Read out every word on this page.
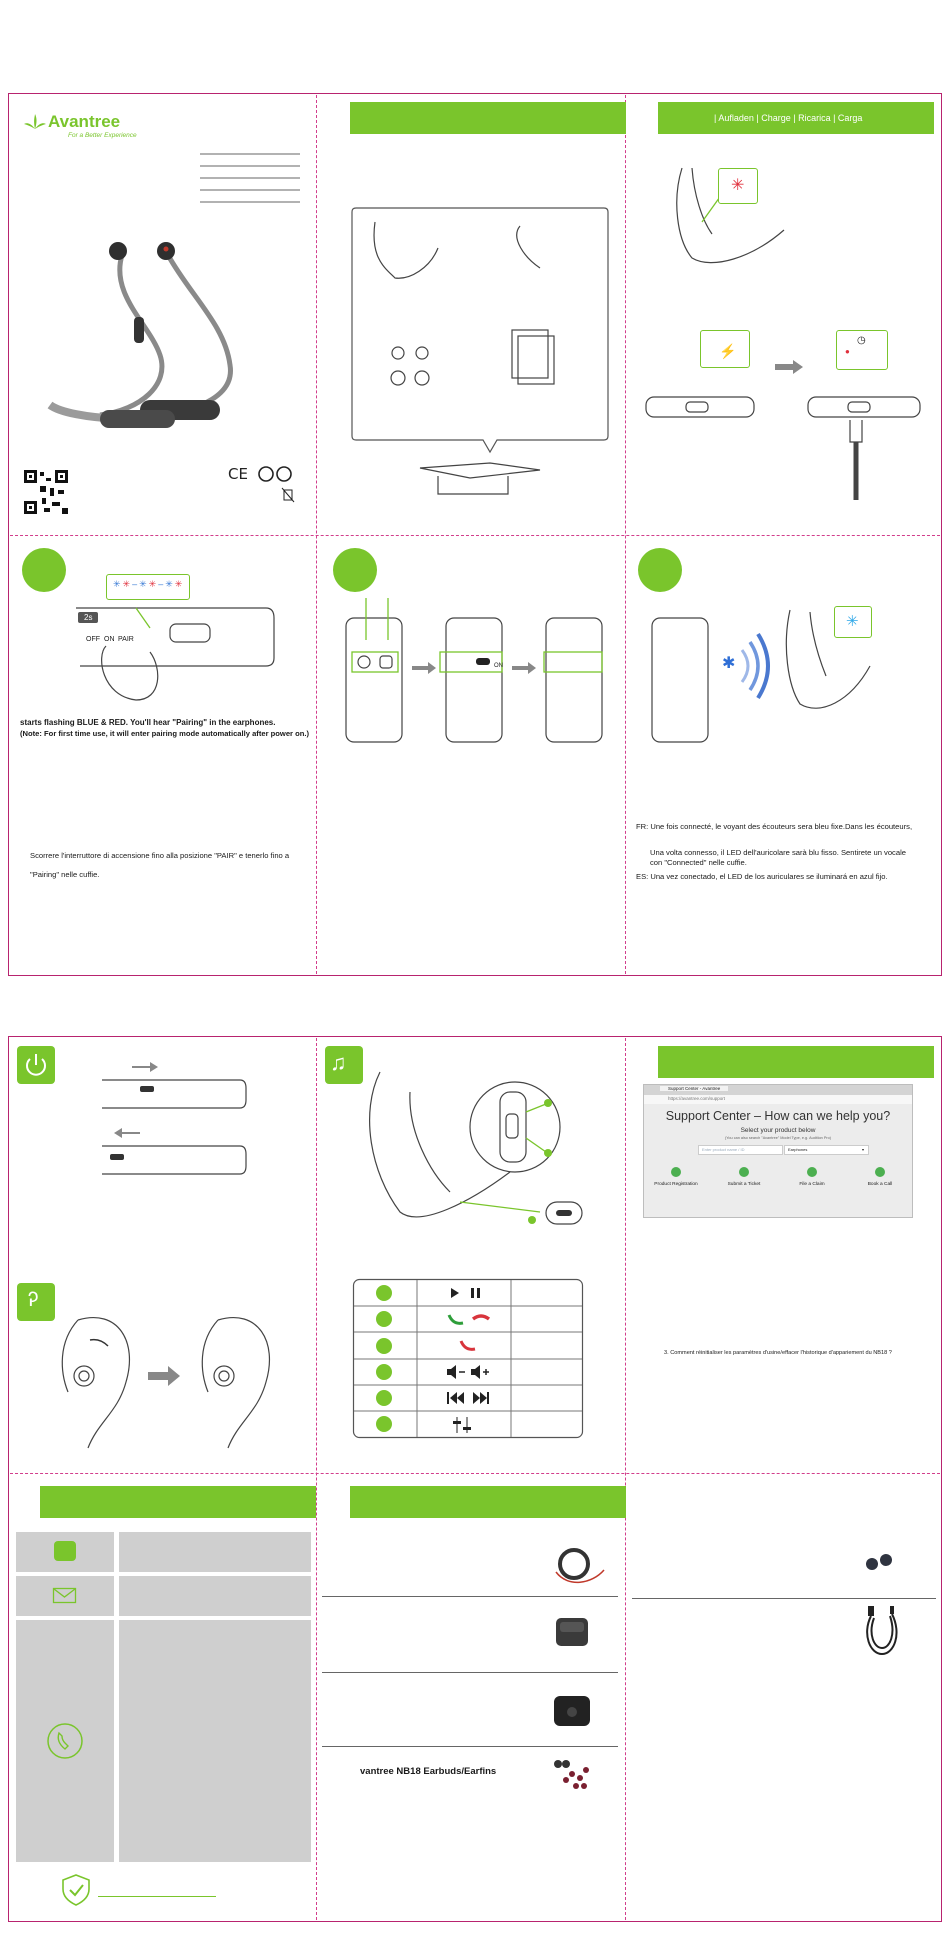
Avantree
For a Better Experience
CE
| Aufladen | Charge | Ricarica | Carga
✳
⚡
◷
●
✳✳–✳✳–✳✳
2s
OFF ON PAIR
starts flashing BLUE & RED. You'll hear "Pairing" in the earphones.
(Note: For first time use, it will enter pairing mode automatically after power on.)
Scorrere l'interruttore di accensione fino alla posizione "PAIR" e tenerlo fino a
"Pairing" nelle cuffie.
ON	✱
✳
FR: Une fois connecté, le voyant des écouteurs sera bleu fixe.Dans les écouteurs,
Una volta connesso, il LED dell'auricolare sarà blu fisso. Sentirete un vocale
con "Connected" nelle cuffie.
ES: Una vez conectado, el LED de los auriculares se iluminará en azul fijo.
Ꭾ
♫
Support Center - Avantree
https://avantree.com/support
Support Center – How can we help you?
Select your product below
(You can also search "Avantree" Model Type, e.g. Audition Pro)
Enter product name / ID	Earphones	▾
Product Registration	Submit a Ticket	File a Claim	Book a Call
3. Comment réinitialiser les paramètres d'usine/effacer l'historique d'appariement du NB18 ?
vantree NB18 Earbuds/Earfins
